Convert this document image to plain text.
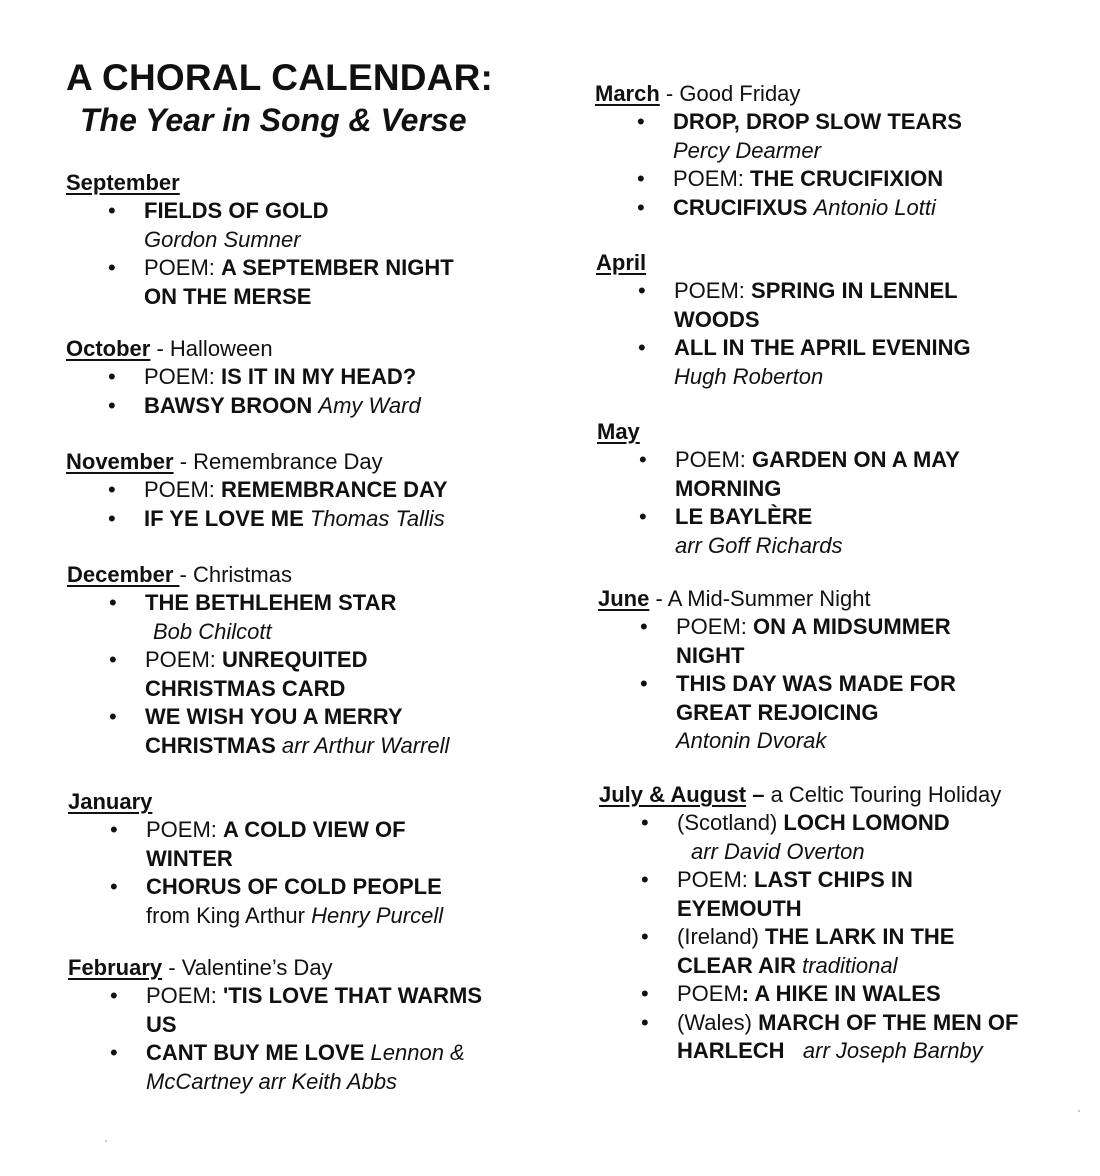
A CHORAL CALENDAR:
The Year in Song & Verse
September
• FIELDS OF GOLD
Gordon Sumner
• POEM: A SEPTEMBER NIGHT
ON THE MERSE
October - Halloween
• POEM: IS IT IN MY HEAD?
• BAWSY BROON Amy Ward
November - Remembrance Day
• POEM: REMEMBRANCE DAY
• IF YE LOVE ME Thomas Tallis
December - Christmas
• THE BETHLEHEM STAR
Bob Chilcott
• POEM: UNREQUITED
CHRISTMAS CARD
• WE WISH YOU A MERRY
CHRISTMAS arr Arthur Warrell
January
• POEM: A COLD VIEW OF
WINTER
• CHORUS OF COLD PEOPLE
from King Arthur Henry Purcell
February - Valentine’s Day
• POEM: 'TIS LOVE THAT WARMS
US
• CANT BUY ME LOVE Lennon &
McCartney arr Keith Abbs
March - Good Friday
• DROP, DROP SLOW TEARS
Percy Dearmer
• POEM: THE CRUCIFIXION
• CRUCIFIXUS Antonio Lotti
April
• POEM: SPRING IN LENNEL
WOODS
• ALL IN THE APRIL EVENING
Hugh Roberton
May
• POEM: GARDEN ON A MAY
MORNING
• LE BAYLÈRE
arr Goff Richards
June - A Mid-Summer Night
• POEM: ON A MIDSUMMER
NIGHT
• THIS DAY WAS MADE FOR
GREAT REJOICING
Antonin Dvorak
July & August – a Celtic Touring Holiday
• (Scotland) LOCH LOMOND
arr David Overton
• POEM: LAST CHIPS IN
EYEMOUTH
• (Ireland) THE LARK IN THE
CLEAR AIR traditional
• POEM: A HIKE IN WALES
• (Wales) MARCH OF THE MEN OF
HARLECH arr Joseph Barnby
